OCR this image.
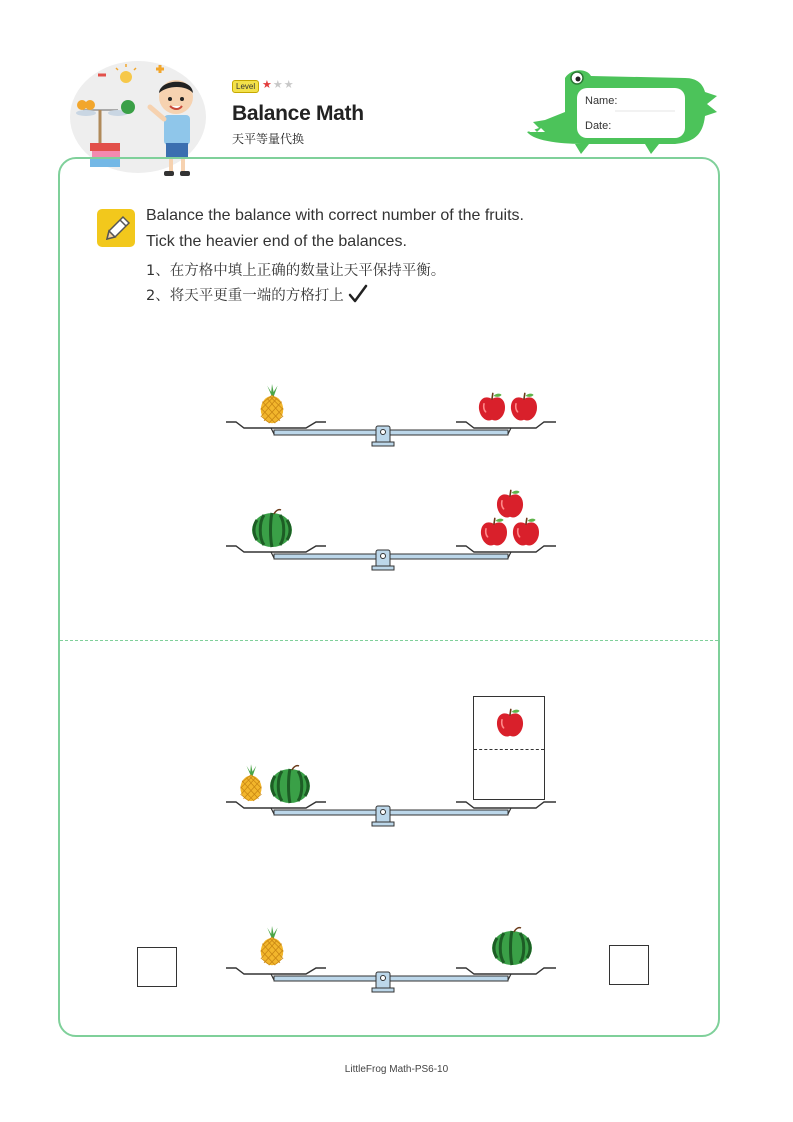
Level ★★★
Balance Math
天平等量代换
Name:
Date:
Balance the balance with correct number of the fruits.
Tick the heavier end of the balances.
1、在方格中填上正确的数量让天平保持平衡。
2、将天平更重一端的方格打上
LittleFrog Math-PS6-10
